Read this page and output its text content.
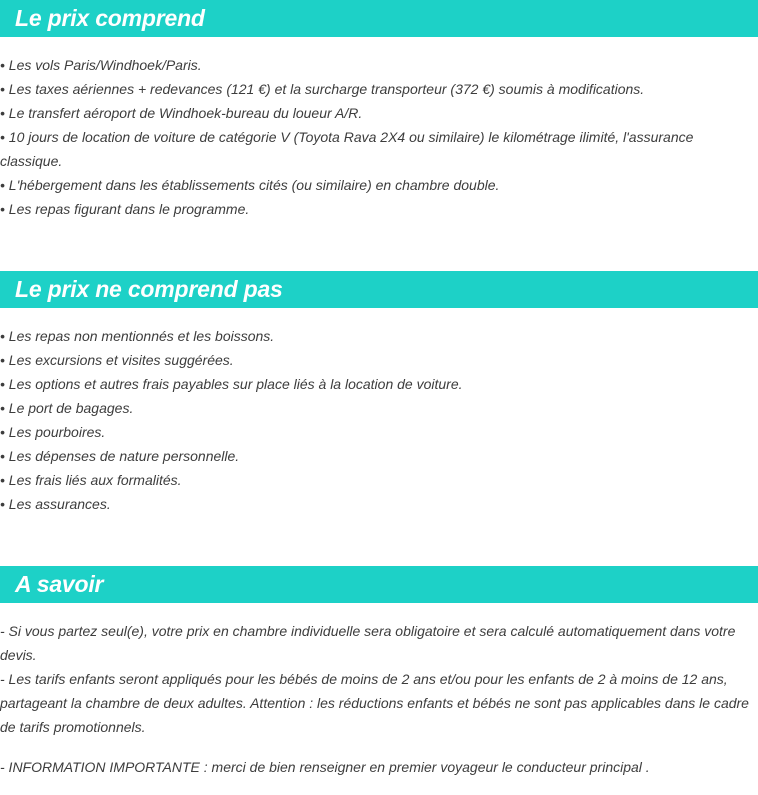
Le prix comprend
• Les vols Paris/Windhoek/Paris.
• Les taxes aériennes + redevances (121 €) et la surcharge transporteur (372 €) soumis à modifications.
• Le transfert aéroport de Windhoek-bureau du loueur A/R.
• 10 jours de location de voiture de catégorie V (Toyota Rava 2X4 ou similaire) le kilométrage ilimité, l'assurance classique.
• L'hébergement dans les établissements cités (ou similaire) en chambre double.
• Les repas figurant dans le programme.
Le prix ne comprend pas
• Les repas non mentionnés et les boissons.
• Les excursions et visites suggérées.
• Les options et autres frais payables sur place liés à la location de voiture.
• Le port de bagages.
• Les pourboires.
• Les dépenses de nature personnelle.
• Les frais liés aux formalités.
• Les assurances.
A savoir

- Si vous partez seul(e), votre prix en chambre individuelle sera obligatoire et sera calculé automatiquement dans votre devis.

- Les tarifs enfants seront appliqués pour les bébés de moins de 2 ans et/ou pour les enfants de 2 à moins de 12 ans, partageant la chambre de deux adultes. Attention : les réductions enfants et bébés ne sont pas applicables dans le cadre de tarifs promotionnels.

- INFORMATION IMPORTANTE : merci de bien renseigner en premier voyageur le conducteur principal .
